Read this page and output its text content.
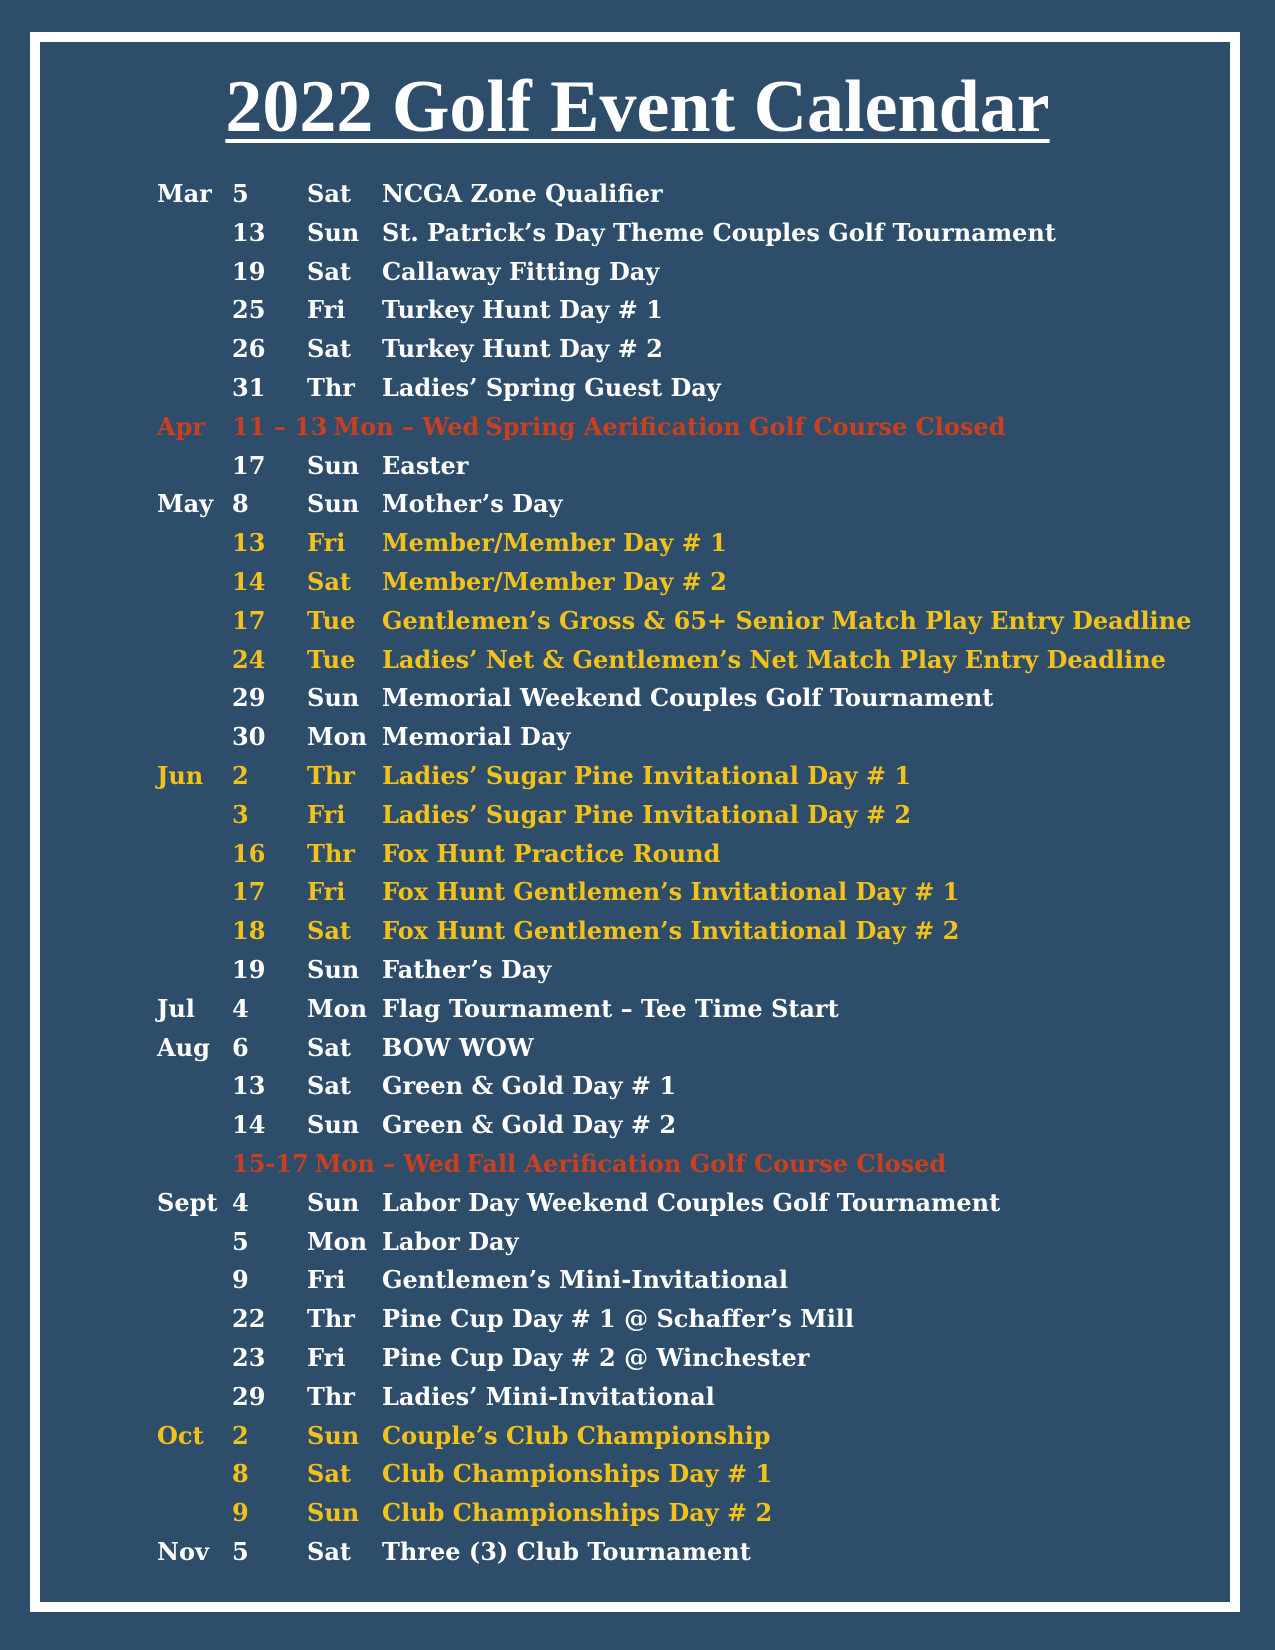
2022 Golf Event Calendar
Mar 5	Sat	NCGA Zone Qualifier
13	Sun St. Patrick’s Day Theme Couples Golf Tournament
19	Sat	Callaway Fitting Day
25	Fri	Turkey Hunt Day # 1
26	Sat	Turkey Hunt Day # 2
31	Thr	Ladies’ Spring Guest Day
Apr	11 – 13 Mon – Wed Spring Aerification Golf Course Closed
17	Sun Easter
May 8	Sun Mother’s Day
13	Fri	Member/Member Day # 1
14	Sat	Member/Member Day # 2
17	Tue	Gentlemen’s Gross & 65+ Senior Match Play Entry Deadline
24	Tue	Ladies’ Net & Gentlemen’s Net Match Play Entry Deadline
29	Sun Memorial Weekend Couples Golf Tournament
30	Mon Memorial Day
Jun	2	Thr	Ladies’ Sugar Pine Invitational Day # 1
3	Fri	Ladies’ Sugar Pine Invitational Day # 2
16	Thr	Fox Hunt Practice Round
17	Fri	Fox Hunt Gentlemen’s Invitational Day # 1
18	Sat	Fox Hunt Gentlemen’s Invitational Day # 2
19	Sun Father’s Day
Jul	4	Mon Flag Tournament – Tee Time Start
Aug 6	Sat	BOW WOW
13	Sat	Green & Gold Day # 1
14	Sun Green & Gold Day # 2
15-17 Mon – Wed Fall Aerification Golf Course Closed
Sept 4	Sun Labor Day Weekend Couples Golf Tournament
5	Mon Labor Day
9	Fri	Gentlemen’s Mini-Invitational
22	Thr	Pine Cup Day # 1 @ Schaffer’s Mill
23	Fri	Pine Cup Day # 2 @ Winchester
29	Thr	Ladies’ Mini-Invitational
Oct	2	Sun Couple’s Club Championship
8	Sat	Club Championships Day # 1
9	Sun Club Championships Day # 2
Nov 5	Sat	Three (3) Club Tournament
